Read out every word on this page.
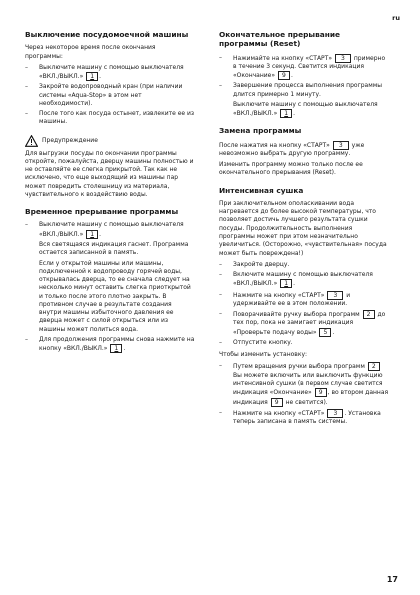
ru
Выключение посудомоечной машины

Через некоторое время после окончания программы:

– Выключите машину с помощью выключателя «ВКЛ./ВЫКЛ.» 1 .
– Закройте водопроводный кран (при наличии системы «Aqua-Stop» в этом нет необходимости).
– После того как посуда остынет, извлеките ее из машины.
Предупреждение

Для выгрузки посуды по окончании программы откройте, пожалуйста, дверцу машины полностью и не оставляйте ее слегка прикрытой. Так как не исключено, что еще выходящий из машины пар может повредить столешницу из материала, чувствительного к воздействию воды.

Временное прерывание программы

– Выключите машину с помощью выключателя «ВКЛ./ВЫКЛ.» 1 .

Вся светящаяся индикация гаснет. Программа остается записанной в память.

Если у открытой машины или машины, подключенной к водопроводу горячей воды, открывалась дверца, то ее сначала следует на несколько минут оставить слегка приоткрытой и только после этого плотно закрыть. В противном случае в результате создания внутри машины избыточного давления ее дверца может с силой открыться или из машины может политься вода.

– Для продолжения программы снова нажмите на кнопку «ВКЛ./ВЫКЛ.» 1 .
Окончательное прерывание программы (Reset)
– Нажимайте на кнопку «СТАРТ» 3 примерно в течение 3 секунд. Светится индикация «Окончание» 9 .
– Завершение процесса выполнения программы длится примерно 1 минуту.
Выключите машину с помощью выключателя «ВКЛ./ВЫКЛ.» 1 .
Замена программы

После нажатия на кнопку «СТАРТ» 3 уже невозможно выбрать другую программу.

Изменить программу можно только после ее окончательного прерывания (Reset).

Интенсивная сушка

При заключительном ополаскивании вода нагревается до более высокой температуры, что позволяет достичь лучшего результата сушки посуды. Продолжительность выполнения программы может при этом незначительно увеличиться. (Осторожно, «чувствительная» посуда может быть повреждена!)

– Закройте дверцу.
– Включите машину с помощью выключателя «ВКЛ./ВЫКЛ.» 1 .
– Нажмите на кнопку «СТАРТ» 3 и удерживайте ее в этом положении.
– Поворачивайте ручку выбора программ 2 до тех пор, пока не замигает индикация «Проверьте подачу воды» 5 .
– Отпустите кнопку.

Чтобы изменить установку:

– Путем вращения ручки выбора программ 2 Вы можете включить или выключить функцию интенсивной сушки (в первом случае светится индикация «Окончание» 9 , во втором данная индикация 9 не светится).
– Нажмите на кнопку «СТАРТ» 3 . Установка теперь записана в память системы.
17
